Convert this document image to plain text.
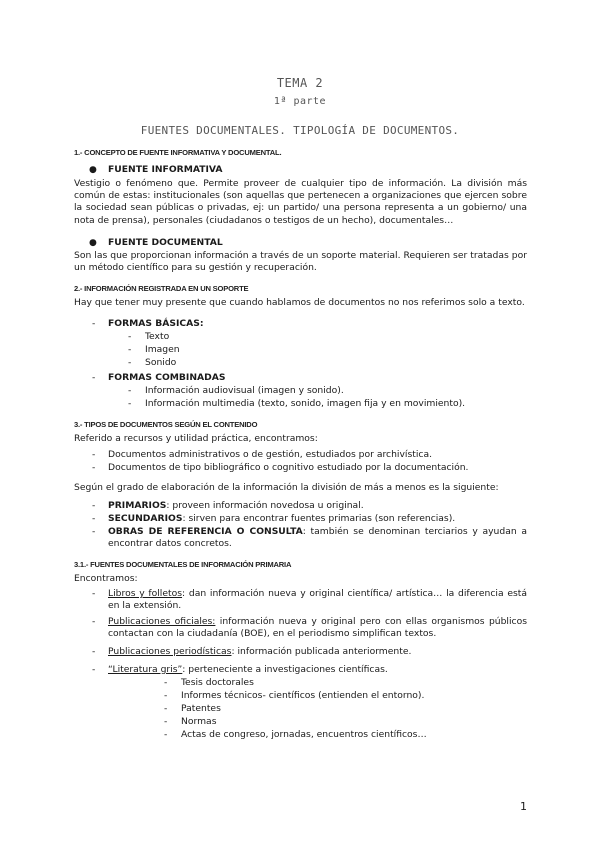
TEMA 2
1ª parte
FUENTES DOCUMENTALES. TIPOLOGÍA DE DOCUMENTOS.
1.- CONCEPTO DE FUENTE INFORMATIVA Y DOCUMENTAL.
● FUENTE INFORMATIVA
Vestigio o fenómeno que. Permite proveer de cualquier tipo de información. La división más común de estas: institucionales (son aquellas que pertenecen a organizaciones que ejercen sobre la sociedad sean públicas o privadas, ej: un partido/ una persona representa a un gobierno/ una nota de prensa), personales (ciudadanos o testigos de un hecho), documentales…
● FUENTE DOCUMENTAL
Son las que proporcionan información a través de un soporte material. Requieren ser tratadas por un método científico para su gestión y recuperación.
2.- INFORMACIÓN REGISTRADA EN UN SOPORTE
Hay que tener muy presente que cuando hablamos de documentos no nos referimos solo a texto.
- FORMAS BÁSICAS:
- Texto
- Imagen
- Sonido
- FORMAS COMBINADAS
- Información audiovisual (imagen y sonido).
- Información multimedia (texto, sonido, imagen fija y en movimiento).
3.- TIPOS DE DOCUMENTOS SEGÚN EL CONTENIDO
Referido a recursos y utilidad práctica, encontramos:
- Documentos administrativos o de gestión, estudiados por archivística.
- Documentos de tipo bibliográfico o cognitivo estudiado por la documentación.
Según el grado de elaboración de la información la división de más a menos es la siguiente:
- PRIMARIOS: proveen información novedosa u original.
- SECUNDARIOS: sirven para encontrar fuentes primarias (son referencias).
- OBRAS DE REFERENCIA O CONSULTA: también se denominan terciarios y ayudan a encontrar datos concretos.
3.1.- FUENTES DOCUMENTALES DE INFORMACIÓN PRIMARIA
Encontramos:
- Libros y folletos: dan información nueva y original científica/ artística… la diferencia está en la extensión.
- Publicaciones oficiales: información nueva y original pero con ellas organismos públicos contactan con la ciudadanía (BOE), en el periodismo simplifican textos.
- Publicaciones periodísticas: información publicada anteriormente.
- “Literatura gris”: perteneciente a investigaciones científicas.
- Tesis doctorales
- Informes técnicos- científicos (entienden el entorno).
- Patentes
- Normas
- Actas de congreso, jornadas, encuentros científicos…
1
